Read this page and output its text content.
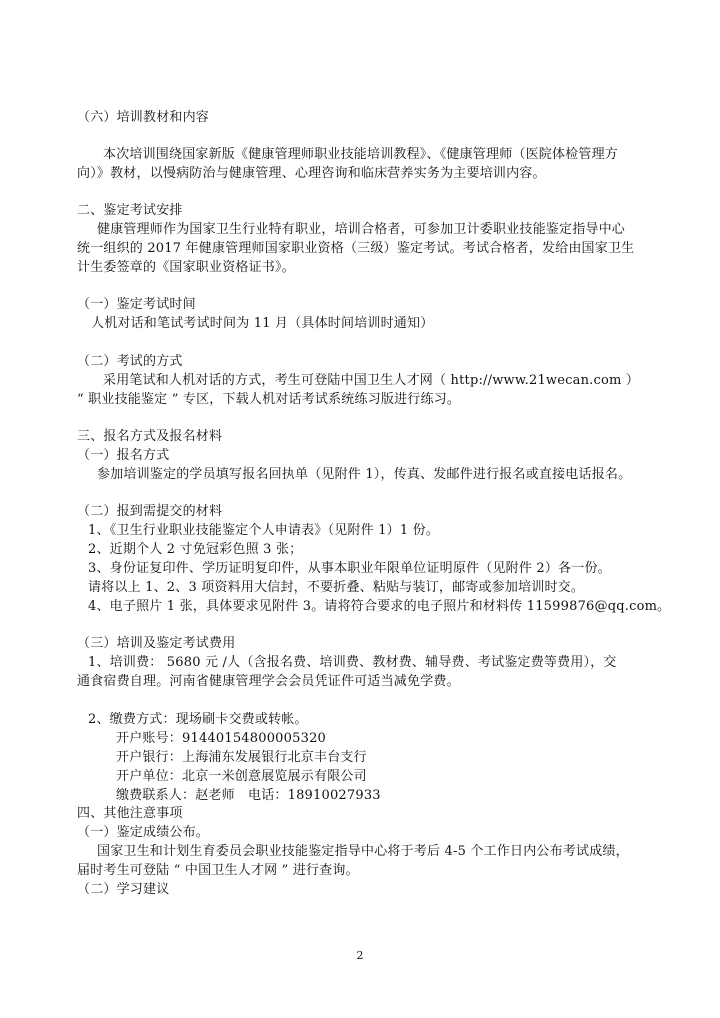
（六）培训教材和内容
本次培训围绕国家新版《健康管理师职业技能培训教程》、《健康管理师（医院体检管理方
向）》教材，以慢病防治与健康管理、心理咨询和临床营养实务为主要培训内容。
二、鉴定考试安排
健康管理师作为国家卫生行业特有职业，培训合格者，可参加卫计委职业技能鉴定指导中心
统一组织的 2017 年健康管理师国家职业资格（三级）鉴定考试。考试合格者，发给由国家卫生
计生委签章的《国家职业资格证书》。
（一）鉴定考试时间
人机对话和笔试考试时间为 11 月（具体时间培训时通知）
（二）考试的方式
采用笔试和人机对话的方式，考生可登陆中国卫生人才网（ http://www.21wecan.com ）
“ 职业技能鉴定 ” 专区，下载人机对话考试系统练习版进行练习。
三、报名方式及报名材料
（一）报名方式
参加培训鉴定的学员填写报名回执单（见附件 1），传真、发邮件进行报名或直接电话报名。
（二）报到需提交的材料
1、《卫生行业职业技能鉴定个人申请表》（见附件 1）1 份。
2、近期个人 2 寸免冠彩色照 3 张；
3、身份证复印件、学历证明复印件，从事本职业年限单位证明原件（见附件 2）各一份。
请将以上 1、2、3 项资料用大信封，不要折叠、粘贴与装订，邮寄或参加培训时交。
4、电子照片 1 张，具体要求见附件 3。请将符合要求的电子照片和材料传 11599876@qq.com。
（三）培训及鉴定考试费用
1、培训费： 5680 元 /人（含报名费、培训费、教材费、辅导费、考试鉴定费等费用），交
通食宿费自理。河南省健康管理学会会员凭证件可适当减免学费。
2、缴费方式：现场刷卡交费或转帐。
开户账号：91440154800005320
开户银行：上海浦东发展银行北京丰台支行
开户单位：北京一米创意展览展示有限公司
缴费联系人：赵老师　电话：18910027933
四、其他注意事项
（一）鉴定成绩公布。
国家卫生和计划生育委员会职业技能鉴定指导中心将于考后 4-5 个工作日内公布考试成绩，
届时考生可登陆 “ 中国卫生人才网 ” 进行查询。
（二）学习建议
2
